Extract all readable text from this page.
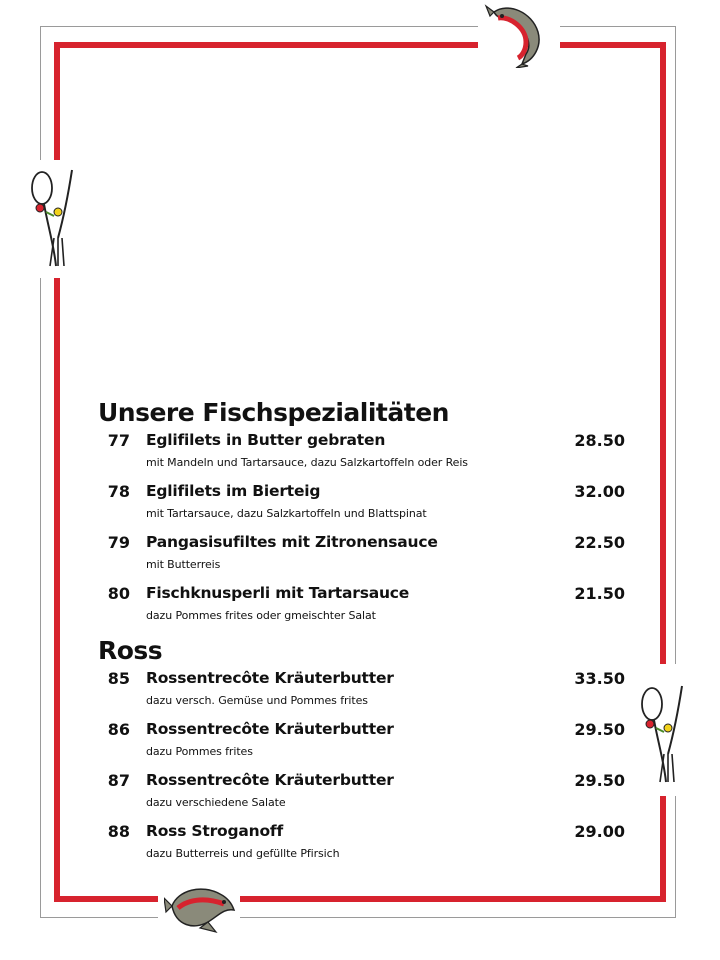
Unsere Fischspezialitäten
77 Eglifilets in Butter gebraten	28.50
mit Mandeln und Tartarsauce, dazu Salzkartoffeln oder Reis
78 Eglifilets im Bierteig	32.00
mit Tartarsauce, dazu Salzkartoffeln und Blattspinat
79 Pangasisufiltes mit Zitronensauce	22.50
mit Butterreis
80 Fischknusperli mit Tartarsauce	21.50
dazu Pommes frites oder gmeischter Salat
Ross
85 Rossentrecôte Kräuterbutter	33.50
dazu versch. Gemüse und Pommes frites
86 Rossentrecôte Kräuterbutter	29.50
dazu Pommes frites
87 Rossentrecôte Kräuterbutter	29.50
dazu verschiedene Salate
88 Ross Stroganoff	29.00
dazu Butterreis und gefüllte Pfirsich
